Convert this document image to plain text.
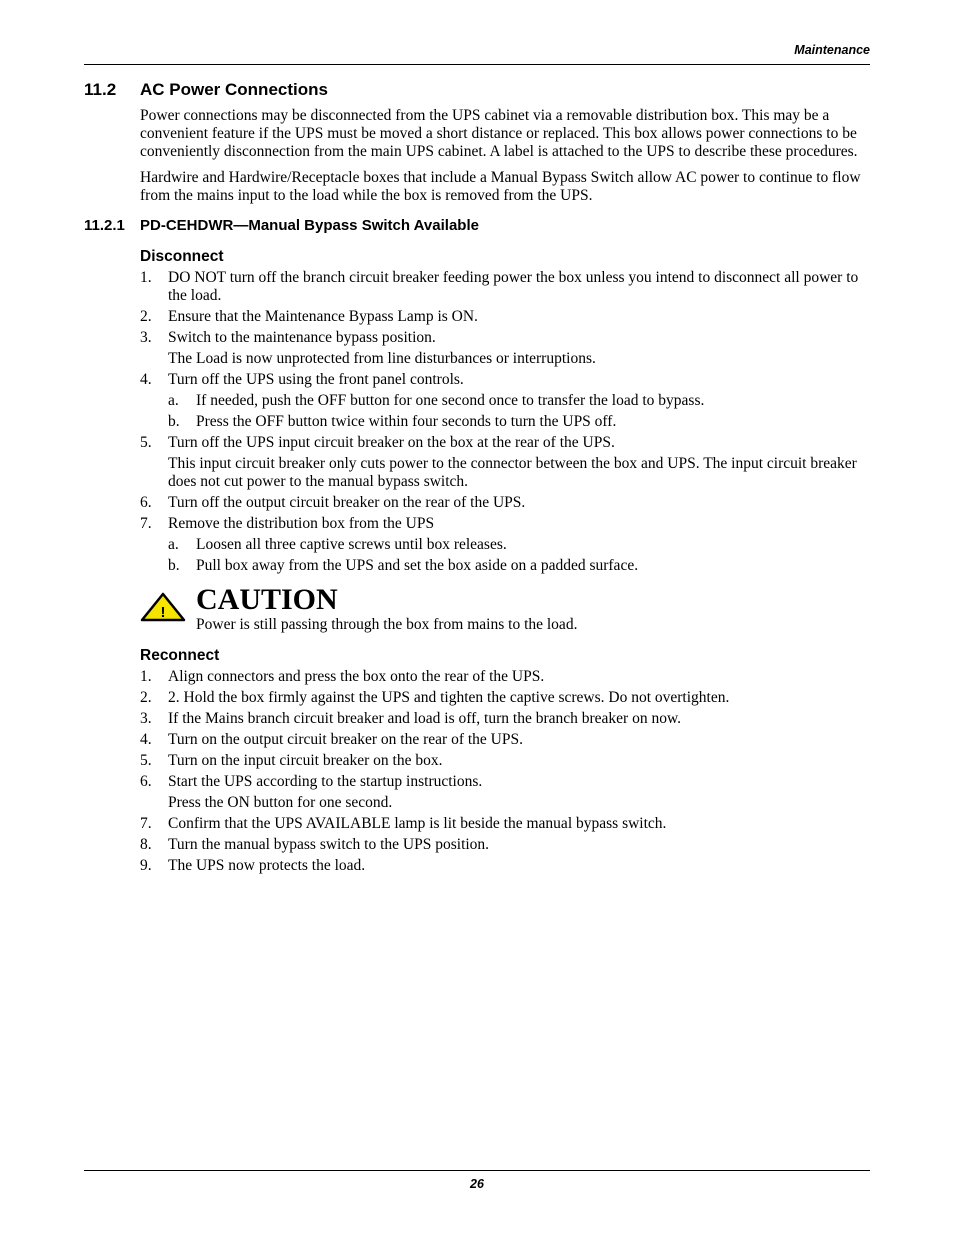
Maintenance
11.2 AC Power Connections

Power connections may be disconnected from the UPS cabinet via a removable distribution box. This may be a convenient feature if the UPS must be moved a short distance or replaced. This box allows power connections to be conveniently disconnection from the main UPS cabinet. A label is attached to the UPS to describe these procedures.

Hardwire and Hardwire/Receptacle boxes that include a Manual Bypass Switch allow AC power to continue to flow from the mains input to the load while the box is removed from the UPS.

11.2.1 PD-CEHDWR—Manual Bypass Switch Available
Disconnect
1. DO NOT turn off the branch circuit breaker feeding power the box unless you intend to disconnect all power to the load.
2. Ensure that the Maintenance Bypass Lamp is ON.
3. Switch to the maintenance bypass position.
The Load is now unprotected from line disturbances or interruptions.
4. Turn off the UPS using the front panel controls.
a. If needed, push the OFF button for one second once to transfer the load to bypass.
b. Press the OFF button twice within four seconds to turn the UPS off.
5. Turn off the UPS input circuit breaker on the box at the rear of the UPS.
This input circuit breaker only cuts power to the connector between the box and UPS. The input circuit breaker does not cut power to the manual bypass switch.
6. Turn off the output circuit breaker on the rear of the UPS.
7. Remove the distribution box from the UPS
a. Loosen all three captive screws until box releases.
b. Pull box away from the UPS and set the box aside on a padded surface.
! CAUTION
Power is still passing through the box from mains to the load.
Reconnect
1. Align connectors and press the box onto the rear of the UPS.
2. 2. Hold the box firmly against the UPS and tighten the captive screws. Do not overtighten.
3. If the Mains branch circuit breaker and load is off, turn the branch breaker on now.
4. Turn on the output circuit breaker on the rear of the UPS.
5. Turn on the input circuit breaker on the box.
6. Start the UPS according to the startup instructions.
Press the ON button for one second.
7. Confirm that the UPS AVAILABLE lamp is lit beside the manual bypass switch.
8. Turn the manual bypass switch to the UPS position.
9. The UPS now protects the load.
26
